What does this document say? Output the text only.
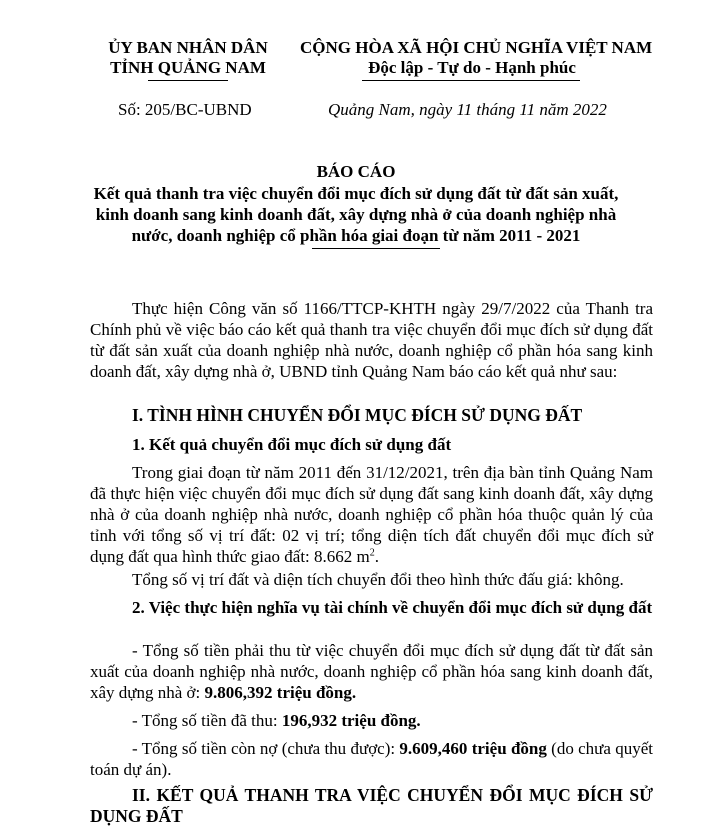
ỦY BAN NHÂN DÂN
TỈNH QUẢNG NAM
CỘNG HÒA XÃ HỘI CHỦ NGHĨA VIỆT NAM
Độc lập - Tự do - Hạnh phúc
Số: 205/BC-UBND	Quảng Nam, ngày 11 tháng 11 năm 2022
BÁO CÁO
Kết quả thanh tra việc chuyển đổi mục đích sử dụng đất từ đất sản xuất,
kinh doanh sang kinh doanh đất, xây dựng nhà ở của doanh nghiệp nhà
nước, doanh nghiệp cổ phần hóa giai đoạn từ năm 2011 - 2021
Thực hiện Công văn số 1166/TTCP-KHTH ngày 29/7/2022 của Thanh tra Chính phủ về việc báo cáo kết quả thanh tra việc chuyển đổi mục đích sử dụng đất từ đất sản xuất của doanh nghiệp nhà nước, doanh nghiệp cổ phần hóa sang kinh doanh đất, xây dựng nhà ở, UBND tỉnh Quảng Nam báo cáo kết quả như sau:
I. TÌNH HÌNH CHUYỂN ĐỔI MỤC ĐÍCH SỬ DỤNG ĐẤT
1. Kết quả chuyển đổi mục đích sử dụng đất
Trong giai đoạn từ năm 2011 đến 31/12/2021, trên địa bàn tỉnh Quảng Nam đã thực hiện việc chuyển đổi mục đích sử dụng đất sang kinh doanh đất, xây dựng nhà ở của doanh nghiệp nhà nước, doanh nghiệp cổ phần hóa thuộc quản lý của tỉnh với tổng số vị trí đất: 02 vị trí; tổng diện tích đất chuyển đổi mục đích sử dụng đất qua hình thức giao đất: 8.662 $m^2$.
Tổng số vị trí đất và diện tích chuyển đổi theo hình thức đấu giá: không.
2. Việc thực hiện nghĩa vụ tài chính về chuyển đổi mục đích sử dụng đất
- Tổng số tiền phải thu từ việc chuyển đổi mục đích sử dụng đất từ đất sản xuất của doanh nghiệp nhà nước, doanh nghiệp cổ phần hóa sang kinh doanh đất, xây dựng nhà ở: 9.806,392 triệu đồng.
- Tổng số tiền đã thu: 196,932 triệu đồng.
- Tổng số tiền còn nợ (chưa thu được): 9.609,460 triệu đồng (do chưa quyết toán dự án).
II. KẾT QUẢ THANH TRA VIỆC CHUYỂN ĐỔI MỤC ĐÍCH SỬ DỤNG ĐẤT
